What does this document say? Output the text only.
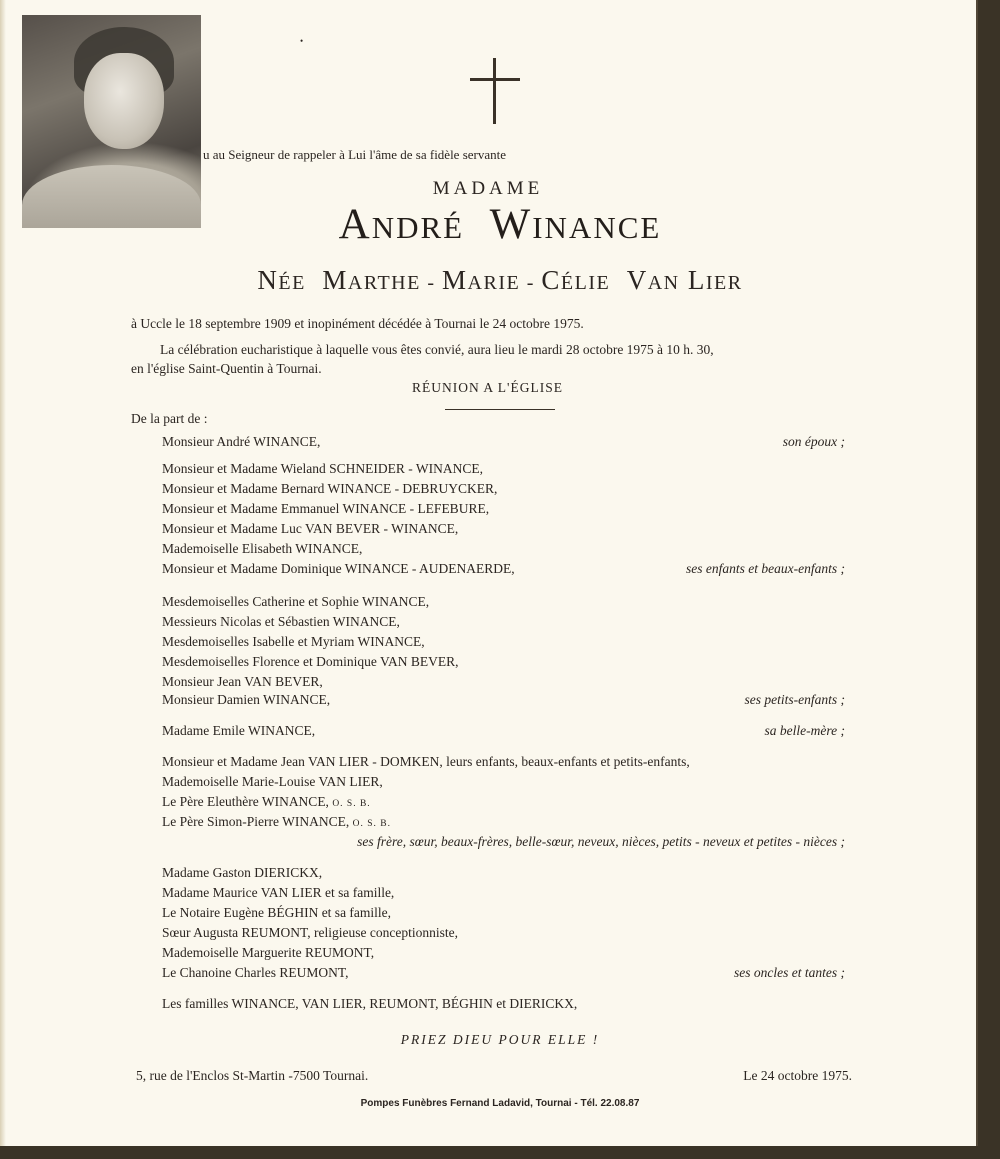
•
u au Seigneur de rappeler à Lui l'âme de sa fidèle servante
MADAME
ANDRÉ WINANCE
NÉE MARTHE - MARIE - CÉLIE VAN LIER
à Uccle le 18 septembre 1909 et inopinément décédée à Tournai le 24 octobre 1975.
La célébration eucharistique à laquelle vous êtes convié, aura lieu le mardi 28 octobre 1975 à 10 h. 30,
en l'église Saint-Quentin à Tournai.
RÉUNION A L'ÉGLISE
De la part de :
Monsieur André WINANCE,	son époux ;
Monsieur et Madame Wieland SCHNEIDER - WINANCE,
Monsieur et Madame Bernard WINANCE - DEBRUYCKER,
Monsieur et Madame Emmanuel WINANCE - LEFEBURE,
Monsieur et Madame Luc VAN BEVER - WINANCE,
Mademoiselle Elisabeth WINANCE,
Monsieur et Madame Dominique WINANCE - AUDENAERDE,	ses enfants et beaux-enfants ;
Mesdemoiselles Catherine et Sophie WINANCE,
Messieurs Nicolas et Sébastien WINANCE,
Mesdemoiselles Isabelle et Myriam WINANCE,
Mesdemoiselles Florence et Dominique VAN BEVER,
Monsieur Jean VAN BEVER,
Monsieur Damien WINANCE,	ses petits-enfants ;
Madame Emile WINANCE,	sa belle-mère ;
Monsieur et Madame Jean VAN LIER - DOMKEN, leurs enfants, beaux-enfants et petits-enfants,
Mademoiselle Marie-Louise VAN LIER,
Le Père Eleuthère WINANCE, O. S. B.
Le Père Simon-Pierre WINANCE, O. S. B.
ses frère, sœur, beaux-frères, belle-sœur, neveux, nièces, petits - neveux et petites - nièces ;
Madame Gaston DIERICKX,
Madame Maurice VAN LIER et sa famille,
Le Notaire Eugène BÉGHIN et sa famille,
Sœur Augusta REUMONT, religieuse conceptionniste,
Mademoiselle Marguerite REUMONT,
Le Chanoine Charles REUMONT,	ses oncles et tantes ;
Les familles WINANCE, VAN LIER, REUMONT, BÉGHIN et DIERICKX,
PRIEZ DIEU POUR ELLE !
5, rue de l'Enclos St-Martin -7500 Tournai.	Le 24 octobre 1975.
Pompes Funèbres Fernand Ladavid, Tournai - Tél. 22.08.87
